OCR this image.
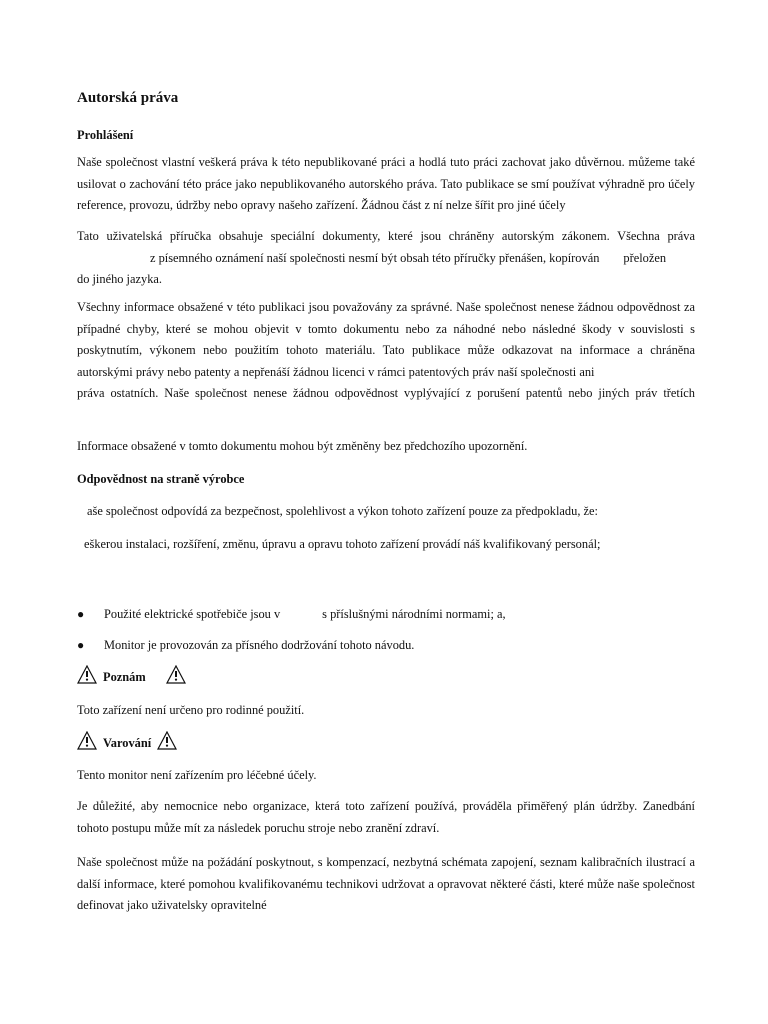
Autorská práva
Prohlášení

Naše společnost vlastní veškerá práva k této nepublikované práci a hodlá tuto práci zachovat jako důvěrnou. můžeme také usilovat o zachování této práce jako nepublikovaného autorského práva. Tato publikace se smí používat výhradně pro účely reference, provozu, údržby nebo opravy našeho zařízení. Žádnou část z ní nelze šířit pro jiné účely

Tato uživatelská příručka obsahuje speciální dokumenty, které jsou chráněny autorským zákonem. Všechna práva
z písemného oznámení naší společnosti nesmí být obsah této příručky přenášen, kopírován přeložen
do jiného jazyka.
Všechny informace obsažené v této publikaci jsou považovány za správné. Naše společnost nenese žádnou odpovědnost za případné chyby, které se mohou objevit v tomto dokumentu nebo za náhodné nebo následné škody v souvislosti s poskytnutím, výkonem nebo použitím tohoto materiálu. Tato publikace může odkazovat na informace a chráněna autorskými právy nebo patenty a nepřenáší žádnou licenci v rámci patentových práv naší společnosti ani
práva ostatních. Naše společnost nenese žádnou odpovědnost vyplývající z porušení patentů nebo jiných práv třetích

Informace obsažené v tomto dokumentu mohou být změněny bez předchozího upozornění.

Odpovědnost na straně výrobce

aše společnost odpovídá za bezpečnost, spolehlivost a výkon tohoto zařízení pouze za předpokladu, že:

eškerou instalaci, rozšíření, změnu, úpravu a opravu tohoto zařízení provádí náš kvalifikovaný personál;

● Použité elektrické spotřebiče jsou v	s příslušnými národními normami; a,
● Monitor je provozován za přísného dodržování tohoto návodu.
Poznám

Toto zařízení není určeno pro rodinné použití.

Varování

Tento monitor není zařízením pro léčebné účely.

Je důležité, aby nemocnice nebo organizace, která toto zařízení používá, prováděla přiměřený plán údržby. Zanedbání tohoto postupu může mít za následek poruchu stroje nebo zranění zdraví.

Naše společnost může na požádání poskytnout, s kompenzací, nezbytná schémata zapojení, seznam kalibračních ilustrací a další informace, které pomohou kvalifikovanému technikovi udržovat a opravovat některé části, které může naše společnost definovat jako uživatelsky opravitelné
